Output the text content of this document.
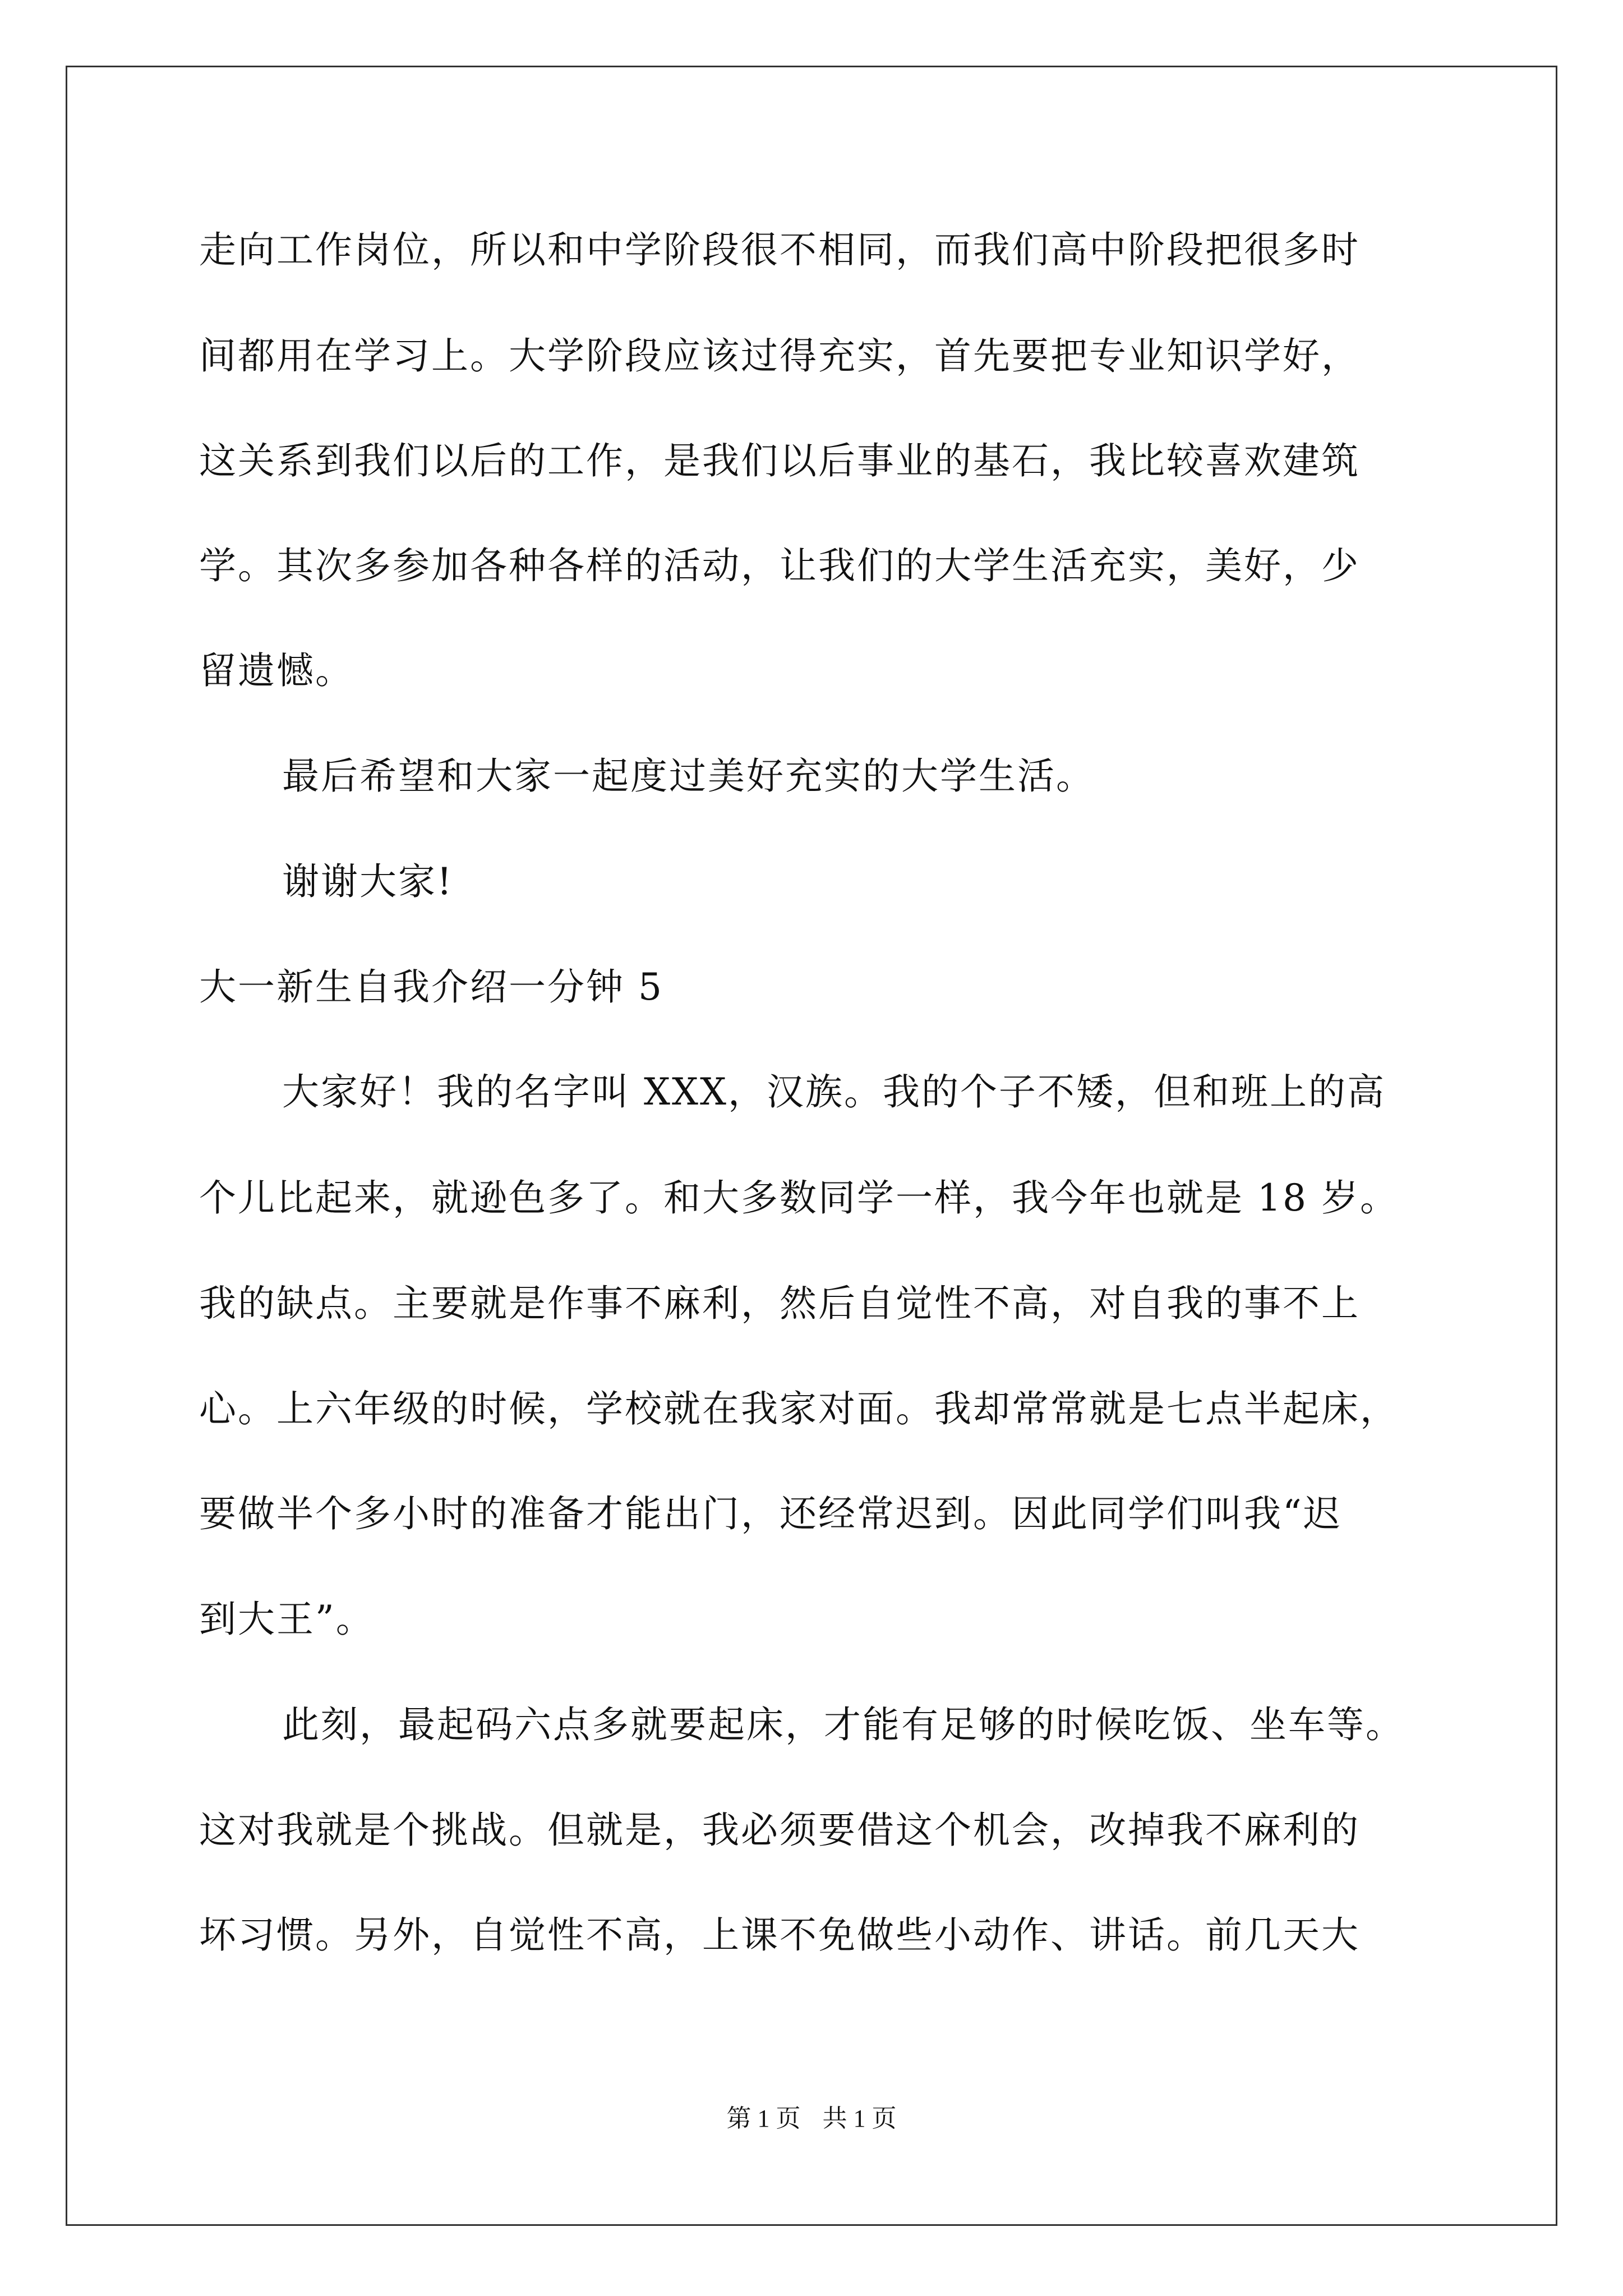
走向工作岗位，所以和中学阶段很不相同，而我们高中阶段把很多时
间都用在学习上。大学阶段应该过得充实，首先要把专业知识学好，
这关系到我们以后的工作，是我们以后事业的基石，我比较喜欢建筑
学。其次多参加各种各样的活动，让我们的大学生活充实，美好，少
留遗憾。
最后希望和大家一起度过美好充实的大学生活。
谢谢大家!
大一新生自我介绍一分钟 5
大家好！我的名字叫 XXX，汉族。我的个子不矮，但和班上的高
个儿比起来，就逊色多了。和大多数同学一样，我今年也就是 18 岁。
我的缺点。主要就是作事不麻利，然后自觉性不高，对自我的事不上
心。上六年级的时候，学校就在我家对面。我却常常就是七点半起床，
要做半个多小时的准备才能出门，还经常迟到。因此同学们叫我“迟
到大王”。
此刻，最起码六点多就要起床，才能有足够的时候吃饭、坐车等。
这对我就是个挑战。但就是，我必须要借这个机会，改掉我不麻利的
坏习惯。另外，自觉性不高，上课不免做些小动作、讲话。前几天大
第 1 页 共 1 页
